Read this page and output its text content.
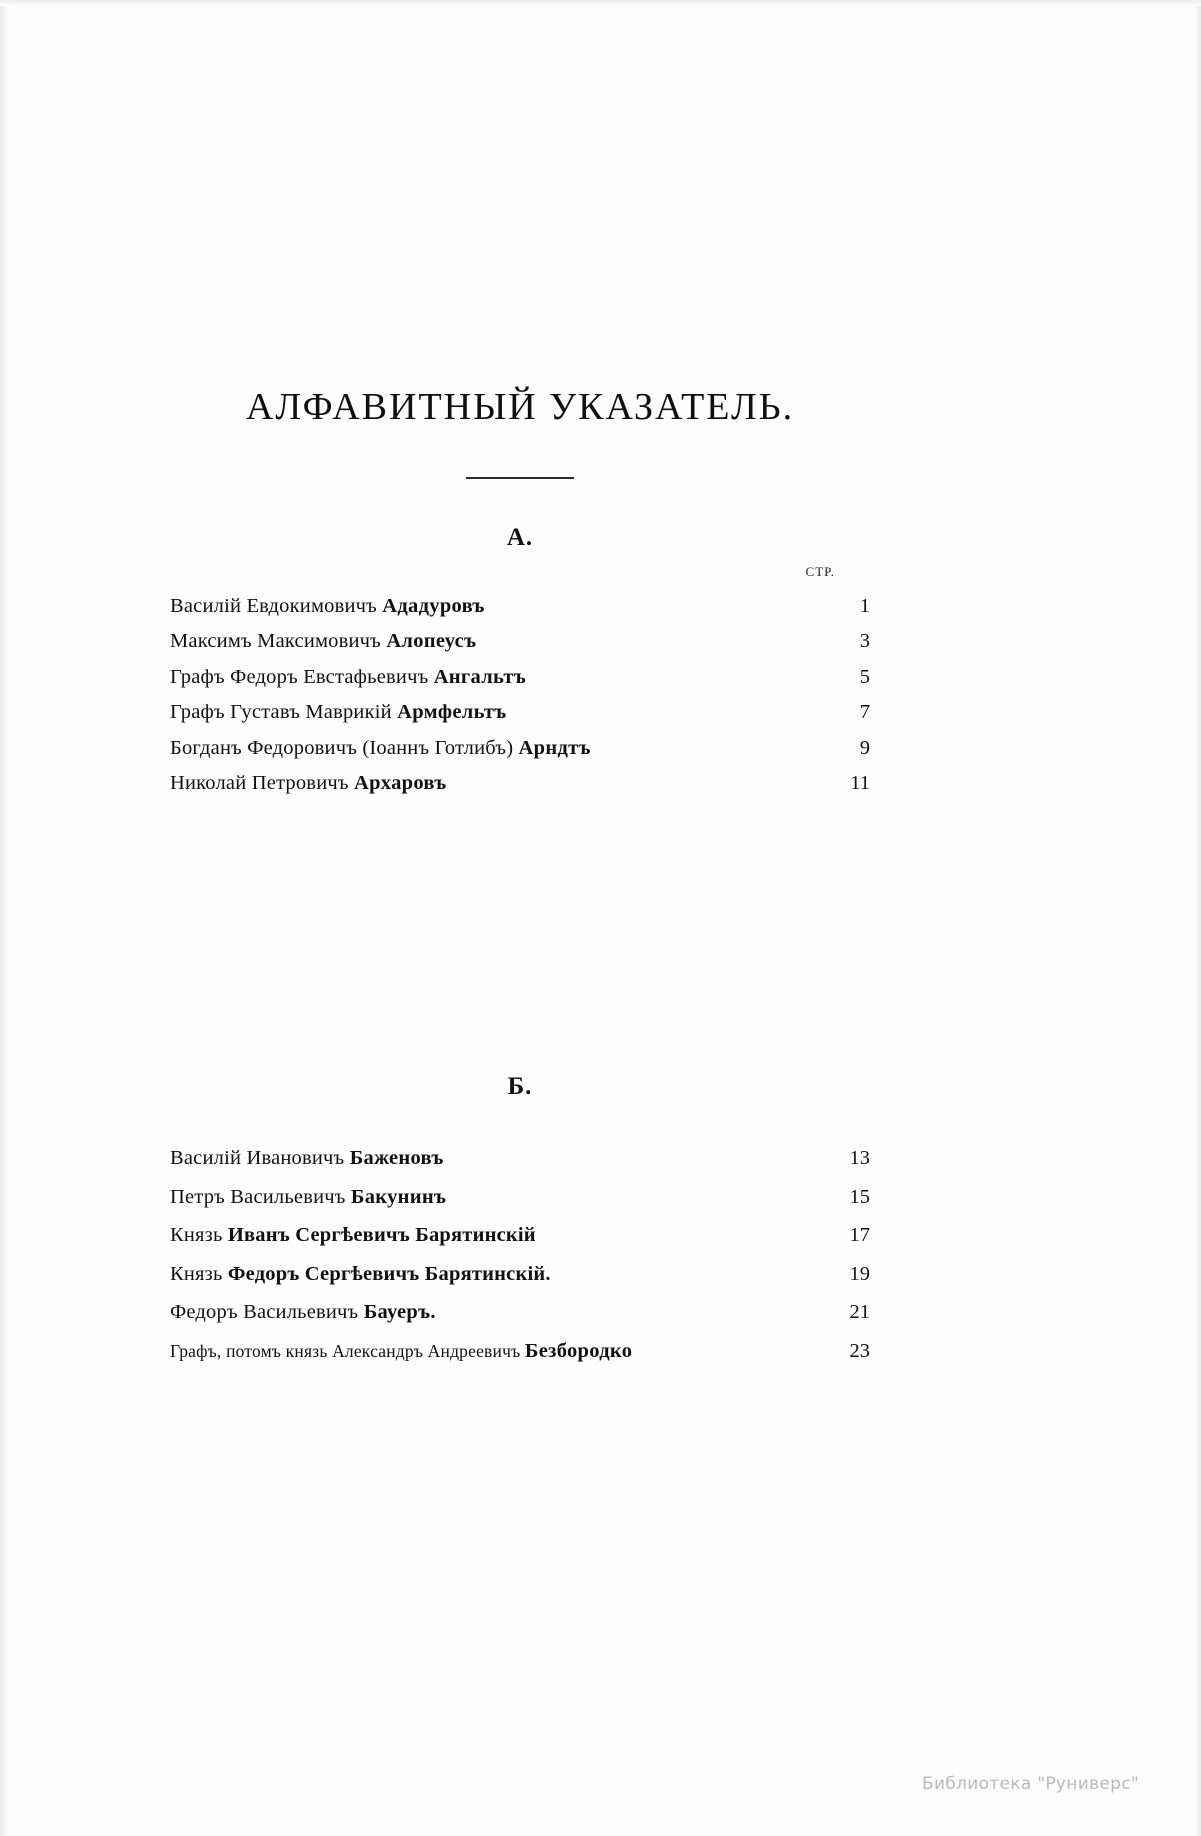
АЛФАВИТНЫЙ УКАЗАТЕЛЬ.
А.
СТР.
Василій Евдокимовичъ Ададуровъ . . .	1
Максимъ Максимовичъ Алопеусъ . . .	3
Графъ Федоръ Евстафьевичъ Ангальтъ . . .	5
Графъ Густавъ Маврикій Армфельтъ . . .	7
Богданъ Федоровичъ (Іоаннъ Готлибъ) Арндтъ . . .	9
Николай Петровичъ Архаровъ . . .	11
Б.
Василій Ивановичъ Баженовъ . . .	13
Петръ Васильевичъ Бакунинъ . . .	15
Князь Иванъ Сергѣевичъ Барятинскій . . .	17
Князь Федоръ Сергѣевичъ Барятинскій. . . .	19
Федоръ Васильевичъ Бауеръ. . . .	21
Графъ, потомъ князь Александръ Андреевичъ Безбородко	23
Библиотека "Руниверс"
